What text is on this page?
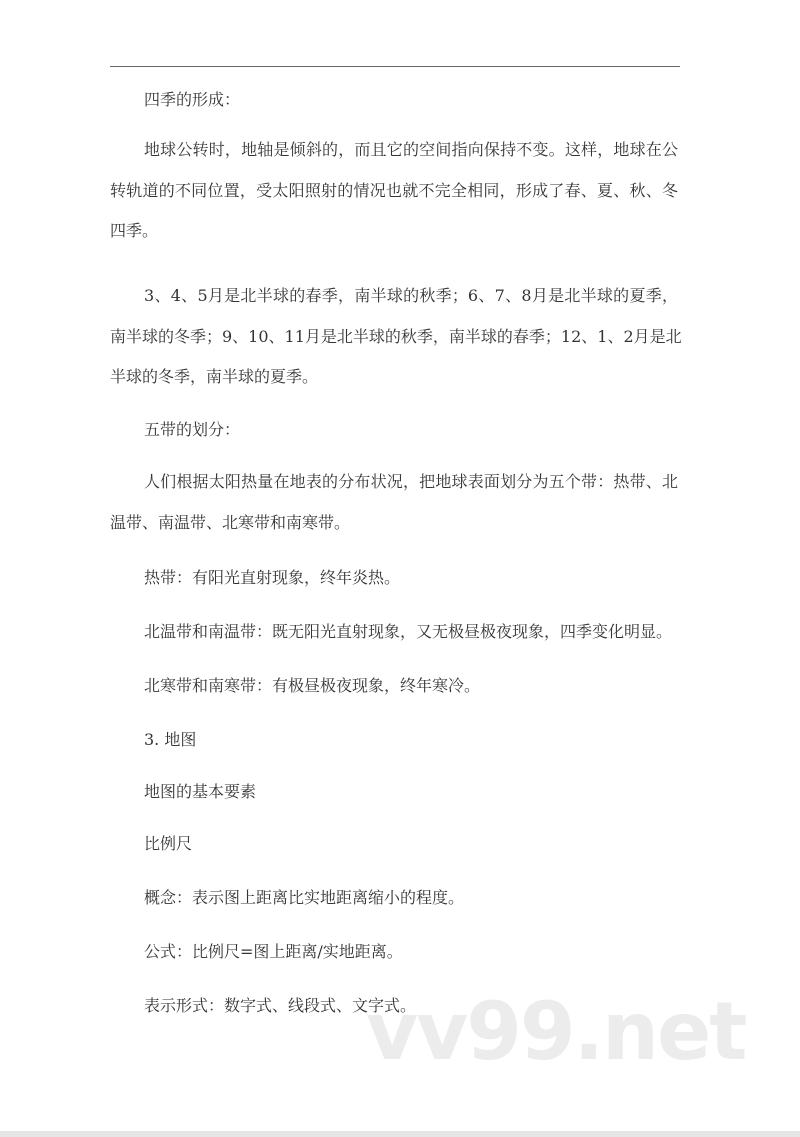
四季的形成：
地球公转时，地轴是倾斜的，而且它的空间指向保持不变。这样，地球在公
转轨道的不同位置，受太阳照射的情况也就不完全相同，形成了春、夏、秋、冬
四季。
3、4、5月是北半球的春季，南半球的秋季；6、7、8月是北半球的夏季，
南半球的冬季；9、10、11月是北半球的秋季，南半球的春季；12、1、2月是北
半球的冬季，南半球的夏季。
五带的划分：
人们根据太阳热量在地表的分布状况，把地球表面划分为五个带：热带、北
温带、南温带、北寒带和南寒带。
热带：有阳光直射现象，终年炎热。
北温带和南温带：既无阳光直射现象，又无极昼极夜现象，四季变化明显。
北寒带和南寒带：有极昼极夜现象，终年寒冷。
3. 地图
地图的基本要素
比例尺
概念：表示图上距离比实地距离缩小的程度。
公式：比例尺=图上距离/实地距离。
表示形式：数字式、线段式、文字式。
vv99.net
